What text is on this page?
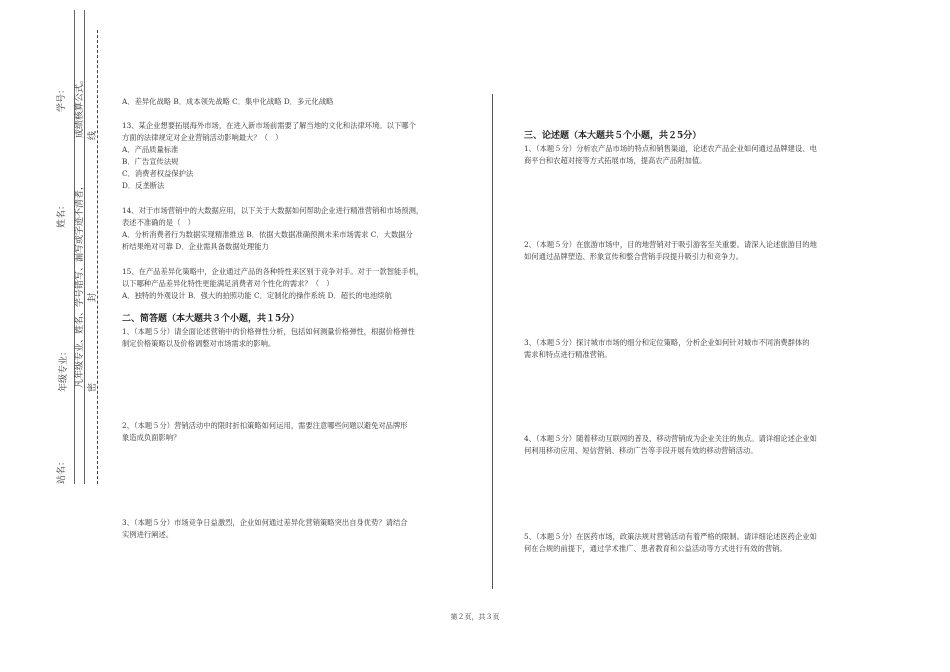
学号：
线
姓名：
成绩核算公式。
凡年级专业、姓名、学号错写、漏写或字迹不清者，
年级专业：
封
站名：
密

A．差异化战略 B．成本领先战略 C．集中化战略 D．多元化战略

13、某企业想要拓展海外市场，在进入新市场前需要了解当地的文化和法律环境。以下哪个

方面的法律规定对企业营销活动影响最大？（　）

A．产品质量标准

B．广告宣传法规

C．消费者权益保护法

D．反垄断法

14、对于市场营销中的大数据应用，以下关于大数据如何帮助企业进行精准营销和市场预测，

表述不准确的是（　）

A．分析消费者行为数据实现精准推送 B．依据大数据准确预测未来市场需求 C．大数据分

析结果绝对可靠 D．企业需具备数据处理能力

15、在产品差异化策略中，企业通过产品的各种特性来区别于竞争对手。对于一款智能手机，

以下哪种产品差异化特性更能满足消费者对个性化的需求？（　）

A．独特的外观设计 B．强大的拍照功能 C．定制化的操作系统 D．超长的电池续航

二、简答题（本大题共３个小题，共１5分）

1、（本题５分）请全面论述营销中的价格弹性分析，包括如何测量价格弹性，根据价格弹性

制定价格策略以及价格调整对市场需求的影响。

2、（本题５分）营销活动中的限时折扣策略如何运用，需要注意哪些问题以避免对品牌形

象造成负面影响？

3、（本题５分）市场竞争日益激烈，企业如何通过差异化营销策略突出自身优势？请结合

实例进行阐述。

三、论述题（本大题共５个小题，共２5分）

1、（本题５分）分析农产品市场的特点和销售渠道，论述农产品企业如何通过品牌建设、电

商平台和农超对接等方式拓展市场，提高农产品附加值。

2、（本题５分）在旅游市场中，目的地营销对于吸引游客至关重要。请深入论述旅游目的地

如何通过品牌塑造、形象宣传和整合营销手段提升吸引力和竞争力。

3、（本题５分）探讨城市市场的细分和定位策略，分析企业如何针对城市不同消费群体的

需求和特点进行精准营销。

4、（本题５分）随着移动互联网的普及，移动营销成为企业关注的焦点。请详细论述企业如

何利用移动应用、短信营销、移动广告等手段开展有效的移动营销活动。

5、（本题５分）在医药市场，政策法规对营销活动有着严格的限制。请详细论述医药企业如

何在合规的前提下，通过学术推广、患者教育和公益活动等方式进行有效的营销。

第２页，共３页
